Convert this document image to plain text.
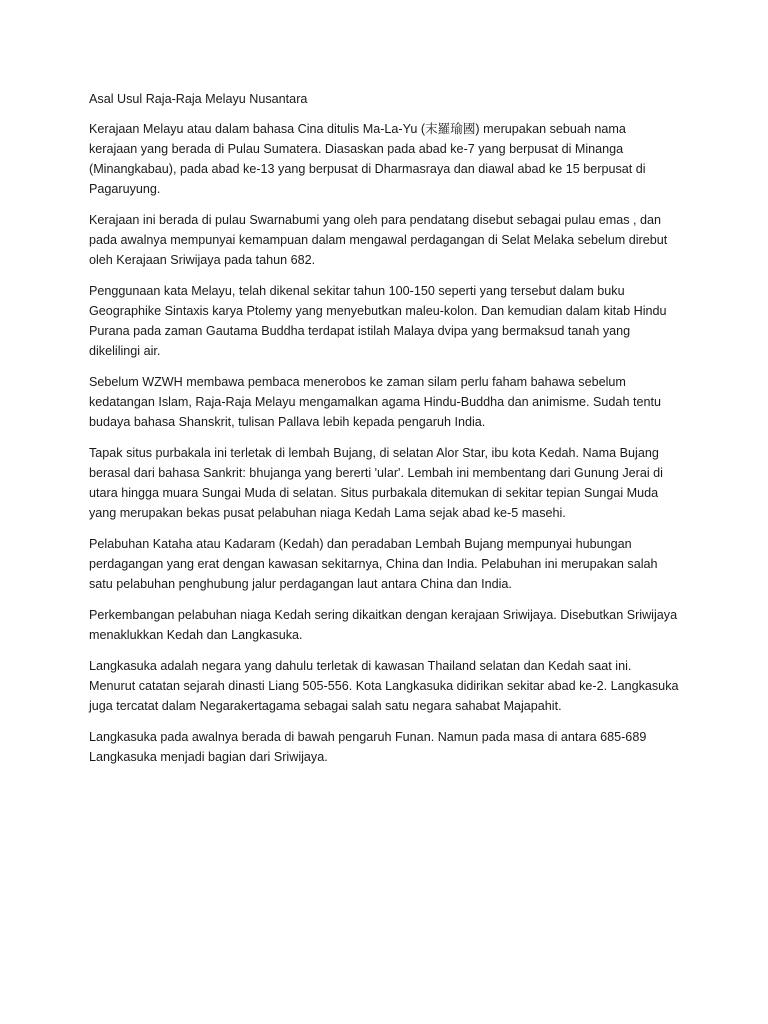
Asal Usul Raja-Raja Melayu Nusantara

Kerajaan Melayu atau dalam bahasa Cina ditulis Ma-La-Yu (末羅瑜國) merupakan sebuah nama
kerajaan yang berada di Pulau Sumatera. Diasaskan pada abad ke-7 yang berpusat di Minanga
(Minangkabau), pada abad ke-13 yang berpusat di Dharmasraya dan diawal abad ke 15 berpusat di
Pagaruyung.
Kerajaan ini berada di pulau Swarnabumi yang oleh para pendatang disebut sebagai pulau emas , dan
pada awalnya mempunyai kemampuan dalam mengawal perdagangan di Selat Melaka sebelum direbut
oleh Kerajaan Sriwijaya pada tahun 682.
Penggunaan kata Melayu, telah dikenal sekitar tahun 100-150 seperti yang tersebut dalam buku
Geographike Sintaxis karya Ptolemy yang menyebutkan maleu-kolon. Dan kemudian dalam kitab Hindu
Purana pada zaman Gautama Buddha terdapat istilah Malaya dvipa yang bermaksud tanah yang
dikelilingi air.
Sebelum WZWH membawa pembaca menerobos ke zaman silam perlu faham bahawa sebelum
kedatangan Islam, Raja-Raja Melayu mengamalkan agama Hindu-Buddha dan animisme. Sudah tentu
budaya bahasa Shanskrit, tulisan Pallava lebih kepada pengaruh India.
Tapak situs purbakala ini terletak di lembah Bujang, di selatan Alor Star, ibu kota Kedah. Nama Bujang
berasal dari bahasa Sankrit: bhujanga yang bererti 'ular'. Lembah ini membentang dari Gunung Jerai di
utara hingga muara Sungai Muda di selatan. Situs purbakala ditemukan di sekitar tepian Sungai Muda
yang merupakan bekas pusat pelabuhan niaga Kedah Lama sejak abad ke-5 masehi.
Pelabuhan Kataha atau Kadaram (Kedah) dan peradaban Lembah Bujang mempunyai hubungan
perdagangan yang erat dengan kawasan sekitarnya, China dan India. Pelabuhan ini merupakan salah
satu pelabuhan penghubung jalur perdagangan laut antara China dan India.
Perkembangan pelabuhan niaga Kedah sering dikaitkan dengan kerajaan Sriwijaya. Disebutkan Sriwijaya
menaklukkan Kedah dan Langkasuka.
Langkasuka adalah negara yang dahulu terletak di kawasan Thailand selatan dan Kedah saat ini.
Menurut catatan sejarah dinasti Liang 505-556. Kota Langkasuka didirikan sekitar abad ke-2. Langkasuka
juga tercatat dalam Negarakertagama sebagai salah satu negara sahabat Majapahit.
Langkasuka pada awalnya berada di bawah pengaruh Funan. Namun pada masa di antara 685-689
Langkasuka menjadi bagian dari Sriwijaya.
